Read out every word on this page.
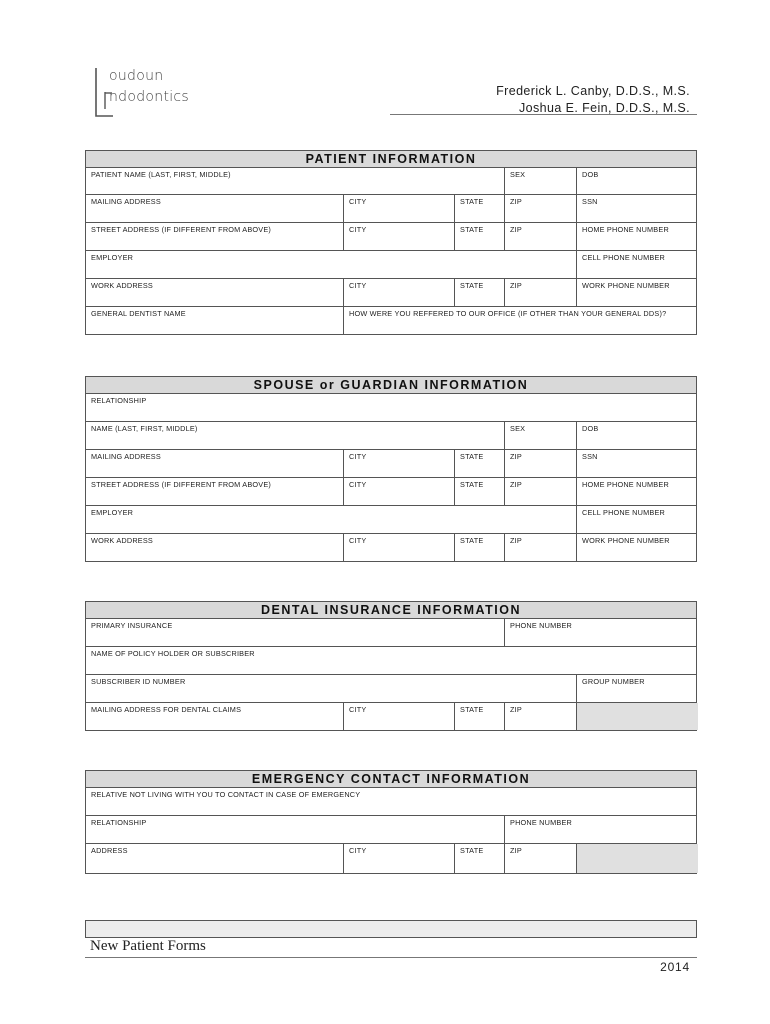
oudoun
ndodontics	Frederick L. Canby, D.D.S., M.S.
Joshua E. Fein, D.D.S., M.S.
PATIENT INFORMATION
PATIENT NAME (LAST, FIRST, MIDDLE)	SEX	DOB
MAILING ADDRESS	CITY	STATE	ZIP	SSN
STREET ADDRESS (IF DIFFERENT FROM ABOVE)	CITY	STATE	ZIP	HOME PHONE NUMBER
EMPLOYER	CELL PHONE NUMBER
WORK ADDRESS	CITY	STATE	ZIP	WORK PHONE NUMBER
GENERAL DENTIST NAME	HOW WERE YOU REFFERED TO OUR OFFICE (IF OTHER THAN YOUR GENERAL DDS)?
SPOUSE or GUARDIAN INFORMATION
RELATIONSHIP
NAME (LAST, FIRST, MIDDLE)	SEX	DOB
MAILING ADDRESS	CITY	STATE	ZIP	SSN
STREET ADDRESS (IF DIFFERENT FROM ABOVE)	CITY	STATE	ZIP	HOME PHONE NUMBER
EMPLOYER	CELL PHONE NUMBER
WORK ADDRESS	CITY	STATE	ZIP	WORK PHONE NUMBER
DENTAL INSURANCE INFORMATION
PRIMARY INSURANCE	PHONE NUMBER
NAME OF POLICY HOLDER OR SUBSCRIBER
SUBSCRIBER ID NUMBER	GROUP NUMBER
MAILING ADDRESS FOR DENTAL CLAIMS	CITY	STATE	ZIP
EMERGENCY CONTACT INFORMATION
RELATIVE NOT LIVING WITH YOU TO CONTACT IN CASE OF EMERGENCY
RELATIONSHIP	PHONE NUMBER
ADDRESS	CITY	STATE	ZIP
New Patient Forms
2014
